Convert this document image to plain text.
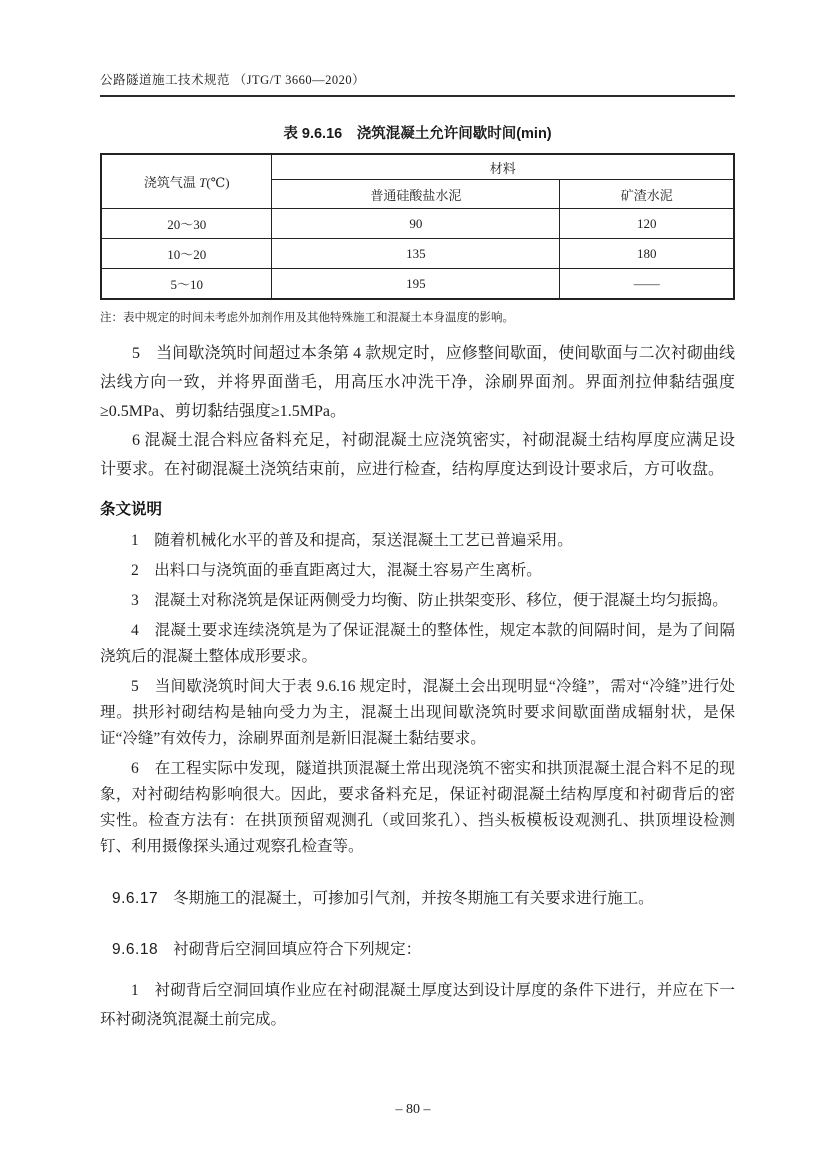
公路隧道施工技术规范 （JTG/T 3660—2020）
表 9.6.16　浇筑混凝土允许间歇时间(min)
浇筑气温 T(℃)	材料	
	普通硅酸盐水泥	矿渣水泥
20～30	90	120
10～20	135	180
5～10	195	——
注：表中规定的时间未考虑外加剂作用及其他特殊施工和混凝土本身温度的影响。

5　当间歇浇筑时间超过本条第 4 款规定时，应修整间歇面，使间歇面与二次衬砌曲线法线方向一致，并将界面凿毛，用高压水冲洗干净，涂刷界面剂。界面剂拉伸黏结强度≥0.5MPa、剪切黏结强度≥1.5MPa。

6 混凝土混合料应备料充足，衬砌混凝土应浇筑密实，衬砌混凝土结构厚度应满足设计要求。在衬砌混凝土浇筑结束前，应进行检查，结构厚度达到设计要求后，方可收盘。

条文说明

1　随着机械化水平的普及和提高，泵送混凝土工艺已普遍采用。

2　出料口与浇筑面的垂直距离过大，混凝土容易产生离析。

3　混凝土对称浇筑是保证两侧受力均衡、防止拱架变形、移位，便于混凝土均匀振捣。

4　混凝土要求连续浇筑是为了保证混凝土的整体性，规定本款的间隔时间，是为了间隔浇筑后的混凝土整体成形要求。

5　当间歇浇筑时间大于表 9.6.16 规定时，混凝土会出现明显“冷缝”，需对“冷缝”进行处理。拱形衬砌结构是轴向受力为主，混凝土出现间歇浇筑时要求间歇面凿成辐射状，是保证“冷缝”有效传力，涂刷界面剂是新旧混凝土黏结要求。

6　在工程实际中发现，隧道拱顶混凝土常出现浇筑不密实和拱顶混凝土混合料不足的现象，对衬砌结构影响很大。因此，要求备料充足，保证衬砌混凝土结构厚度和衬砌背后的密实性。检查方法有：在拱顶预留观测孔（或回浆孔）、挡头板模板设观测孔、拱顶埋设检测钉、利用摄像探头通过观察孔检查等。

9.6.17 冬期施工的混凝土，可掺加引气剂，并按冬期施工有关要求进行施工。
9.6.18 衬砌背后空洞回填应符合下列规定：

1　衬砌背后空洞回填作业应在衬砌混凝土厚度达到设计厚度的条件下进行，并应在下一环衬砌浇筑混凝土前完成。

– 80 –
